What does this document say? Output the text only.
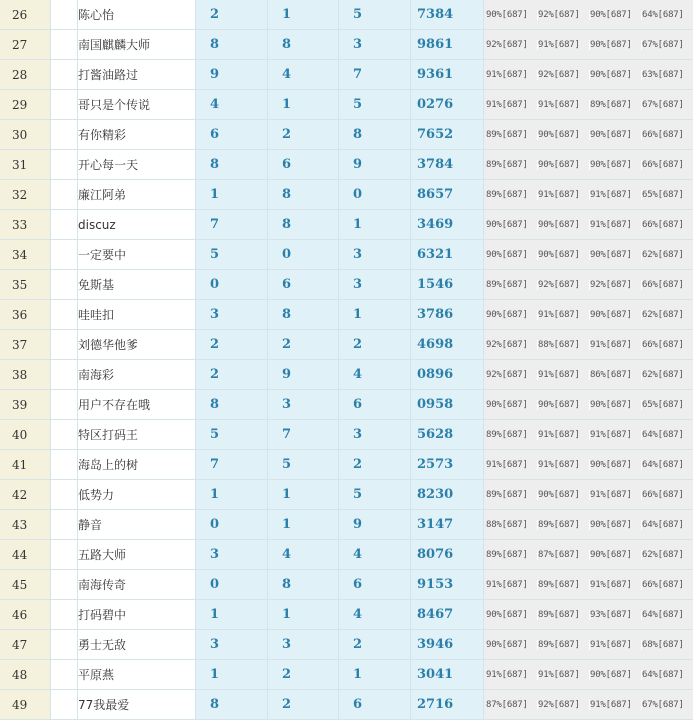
26		陈心怡	2	1	5	7384	90%[687] 92%[687] 90%[687] 64%[687]
27		南国麒麟大师	8	8	3	9861	92%[687] 91%[687] 90%[687] 67%[687]
28		打酱油路过	9	4	7	9361	91%[687] 92%[687] 90%[687] 63%[687]
29		哥只是个传说	4	1	5	0276	91%[687] 91%[687] 89%[687] 67%[687]
30		有你精彩	6	2	8	7652	89%[687] 90%[687] 90%[687] 66%[687]
31		开心每一天	8	6	9	3784	89%[687] 90%[687] 90%[687] 66%[687]
32		廉江阿弟	1	8	0	8657	89%[687] 91%[687] 91%[687] 65%[687]
33		discuz	7	8	1	3469	90%[687] 90%[687] 91%[687] 66%[687]
34		一定要中	5	0	3	6321	90%[687] 90%[687] 90%[687] 62%[687]
35		免斯基	0	6	3	1546	89%[687] 92%[687] 92%[687] 66%[687]
36		哇哇扣	3	8	1	3786	90%[687] 91%[687] 90%[687] 62%[687]
37		刘德华他爹	2	2	2	4698	92%[687] 88%[687] 91%[687] 66%[687]
38		南海彩	2	9	4	0896	92%[687] 91%[687] 86%[687] 62%[687]
39		用户不存在哦	8	3	6	0958	90%[687] 90%[687] 90%[687] 65%[687]
40		特区打码王	5	7	3	5628	89%[687] 91%[687] 91%[687] 64%[687]
41		海岛上的树	7	5	2	2573	91%[687] 91%[687] 90%[687] 64%[687]
42		低势力	1	1	5	8230	89%[687] 90%[687] 91%[687] 66%[687]
43		静音	0	1	9	3147	88%[687] 89%[687] 90%[687] 64%[687]
44		五路大师	3	4	4	8076	89%[687] 87%[687] 90%[687] 62%[687]
45		南海传奇	0	8	6	9153	91%[687] 89%[687] 91%[687] 66%[687]
46		打码碧中	1	1	4	8467	90%[687] 89%[687] 93%[687] 64%[687]
47		勇士无敌	3	3	2	3946	90%[687] 89%[687] 91%[687] 68%[687]
48		平原燕	1	2	1	3041	91%[687] 91%[687] 90%[687] 64%[687]
49		77我最爱	8	2	6	2716	87%[687] 92%[687] 91%[687] 67%[687]
